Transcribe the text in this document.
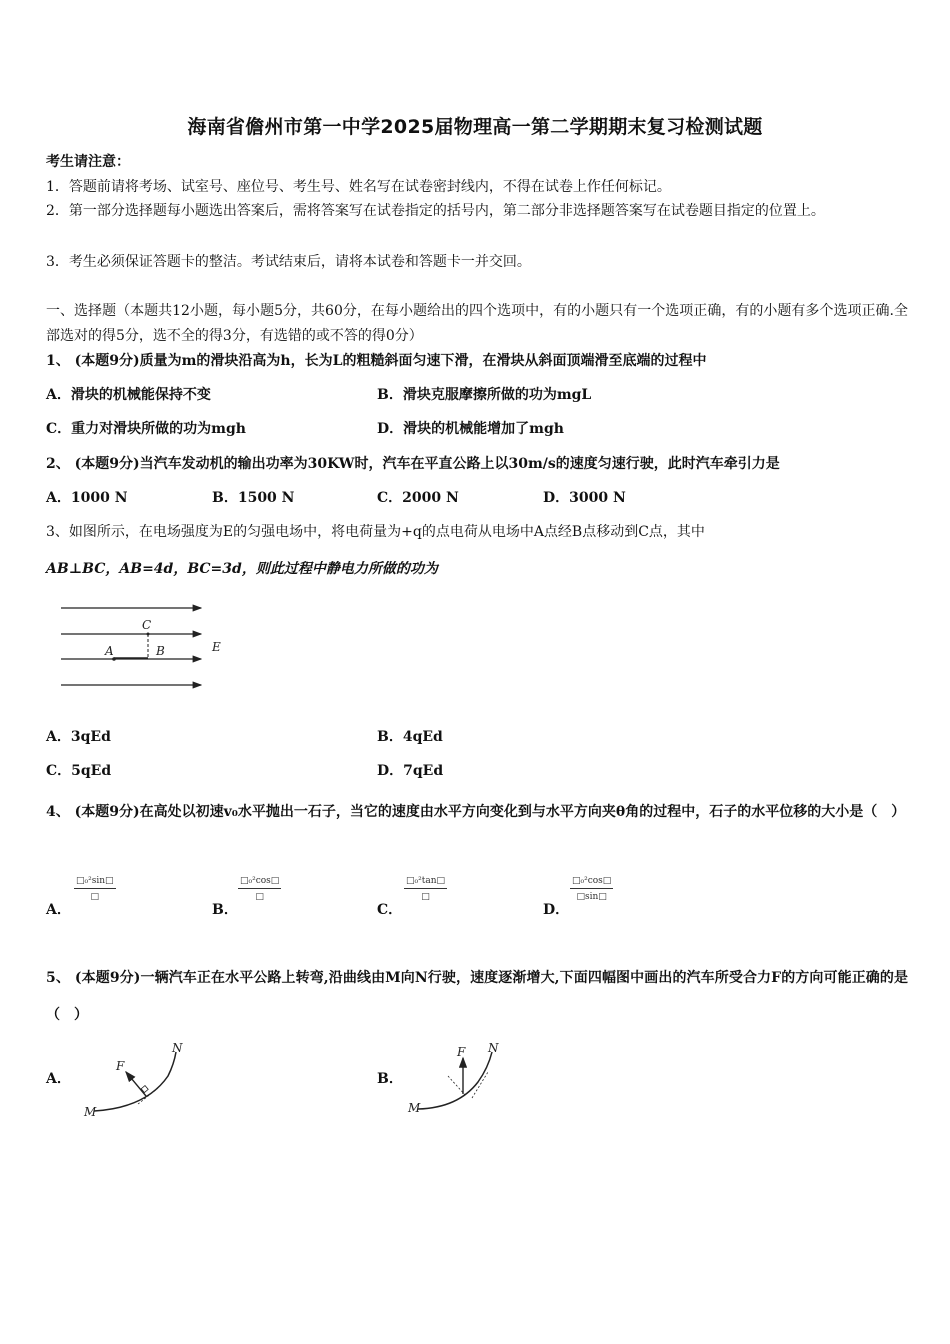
海南省儋州市第一中学2025届物理高一第二学期期末复习检测试题
考生请注意：
1．答题前请将考场、试室号、座位号、考生号、姓名写在试卷密封线内，不得在试卷上作任何标记。
2．第一部分选择题每小题选出答案后，需将答案写在试卷指定的括号内，第二部分非选择题答案写在试卷题目指定的位置上。
3．考生必须保证答题卡的整洁。考试结束后，请将本试卷和答题卡一并交回。
一、选择题（本题共12小题，每小题5分，共60分，在每小题给出的四个选项中，有的小题只有一个选项正确，有的小题有多个选项正确.全部选对的得5分，选不全的得3分，有选错的或不答的得0分）
1、 (本题9分)质量为m的滑块沿高为h，长为L的粗糙斜面匀速下滑，在滑块从斜面顶端滑至底端的过程中
A．滑块的机械能保持不变	B．滑块克服摩擦所做的功为mgL
C．重力对滑块所做的功为mgh	D．滑块的机械能增加了mgh
2、 (本题9分)当汽车发动机的输出功率为30KW时，汽车在平直公路上以30m/s的速度匀速行驶，此时汽车牵引力是
A．1000 N	B．1500 N	C．2000 N	D．3000 N
3、如图所示，在电场强度为E的匀强电场中，将电荷量为+q的点电荷从电场中A点经B点移动到C点，其中
AB⊥BC，AB=4d，BC=3d，则此过程中静电力所做的功为
C
A	B	E
A．3qEd	B．4qEd
C．5qEd	D．7qEd
4、 (本题9分)在高处以初速v₀水平抛出一石子，当它的速度由水平方向变化到与水平方向夹θ角的过程中，石子的水平位移的大小是（　）
A．
□₀²sin□
□
B．
□₀²cos□
□
C．
□₀²tan□
□
D．
$\frac{\text{□₀²cos□}}{□\sin□}$
5、 (本题9分)一辆汽车正在水平公路上转弯,沿曲线由M向N行驶，速度逐渐增大,下面四幅图中画出的汽车所受合力F的方向可能正确的是（　）
A．
M
N
F
B．
M
N
F
